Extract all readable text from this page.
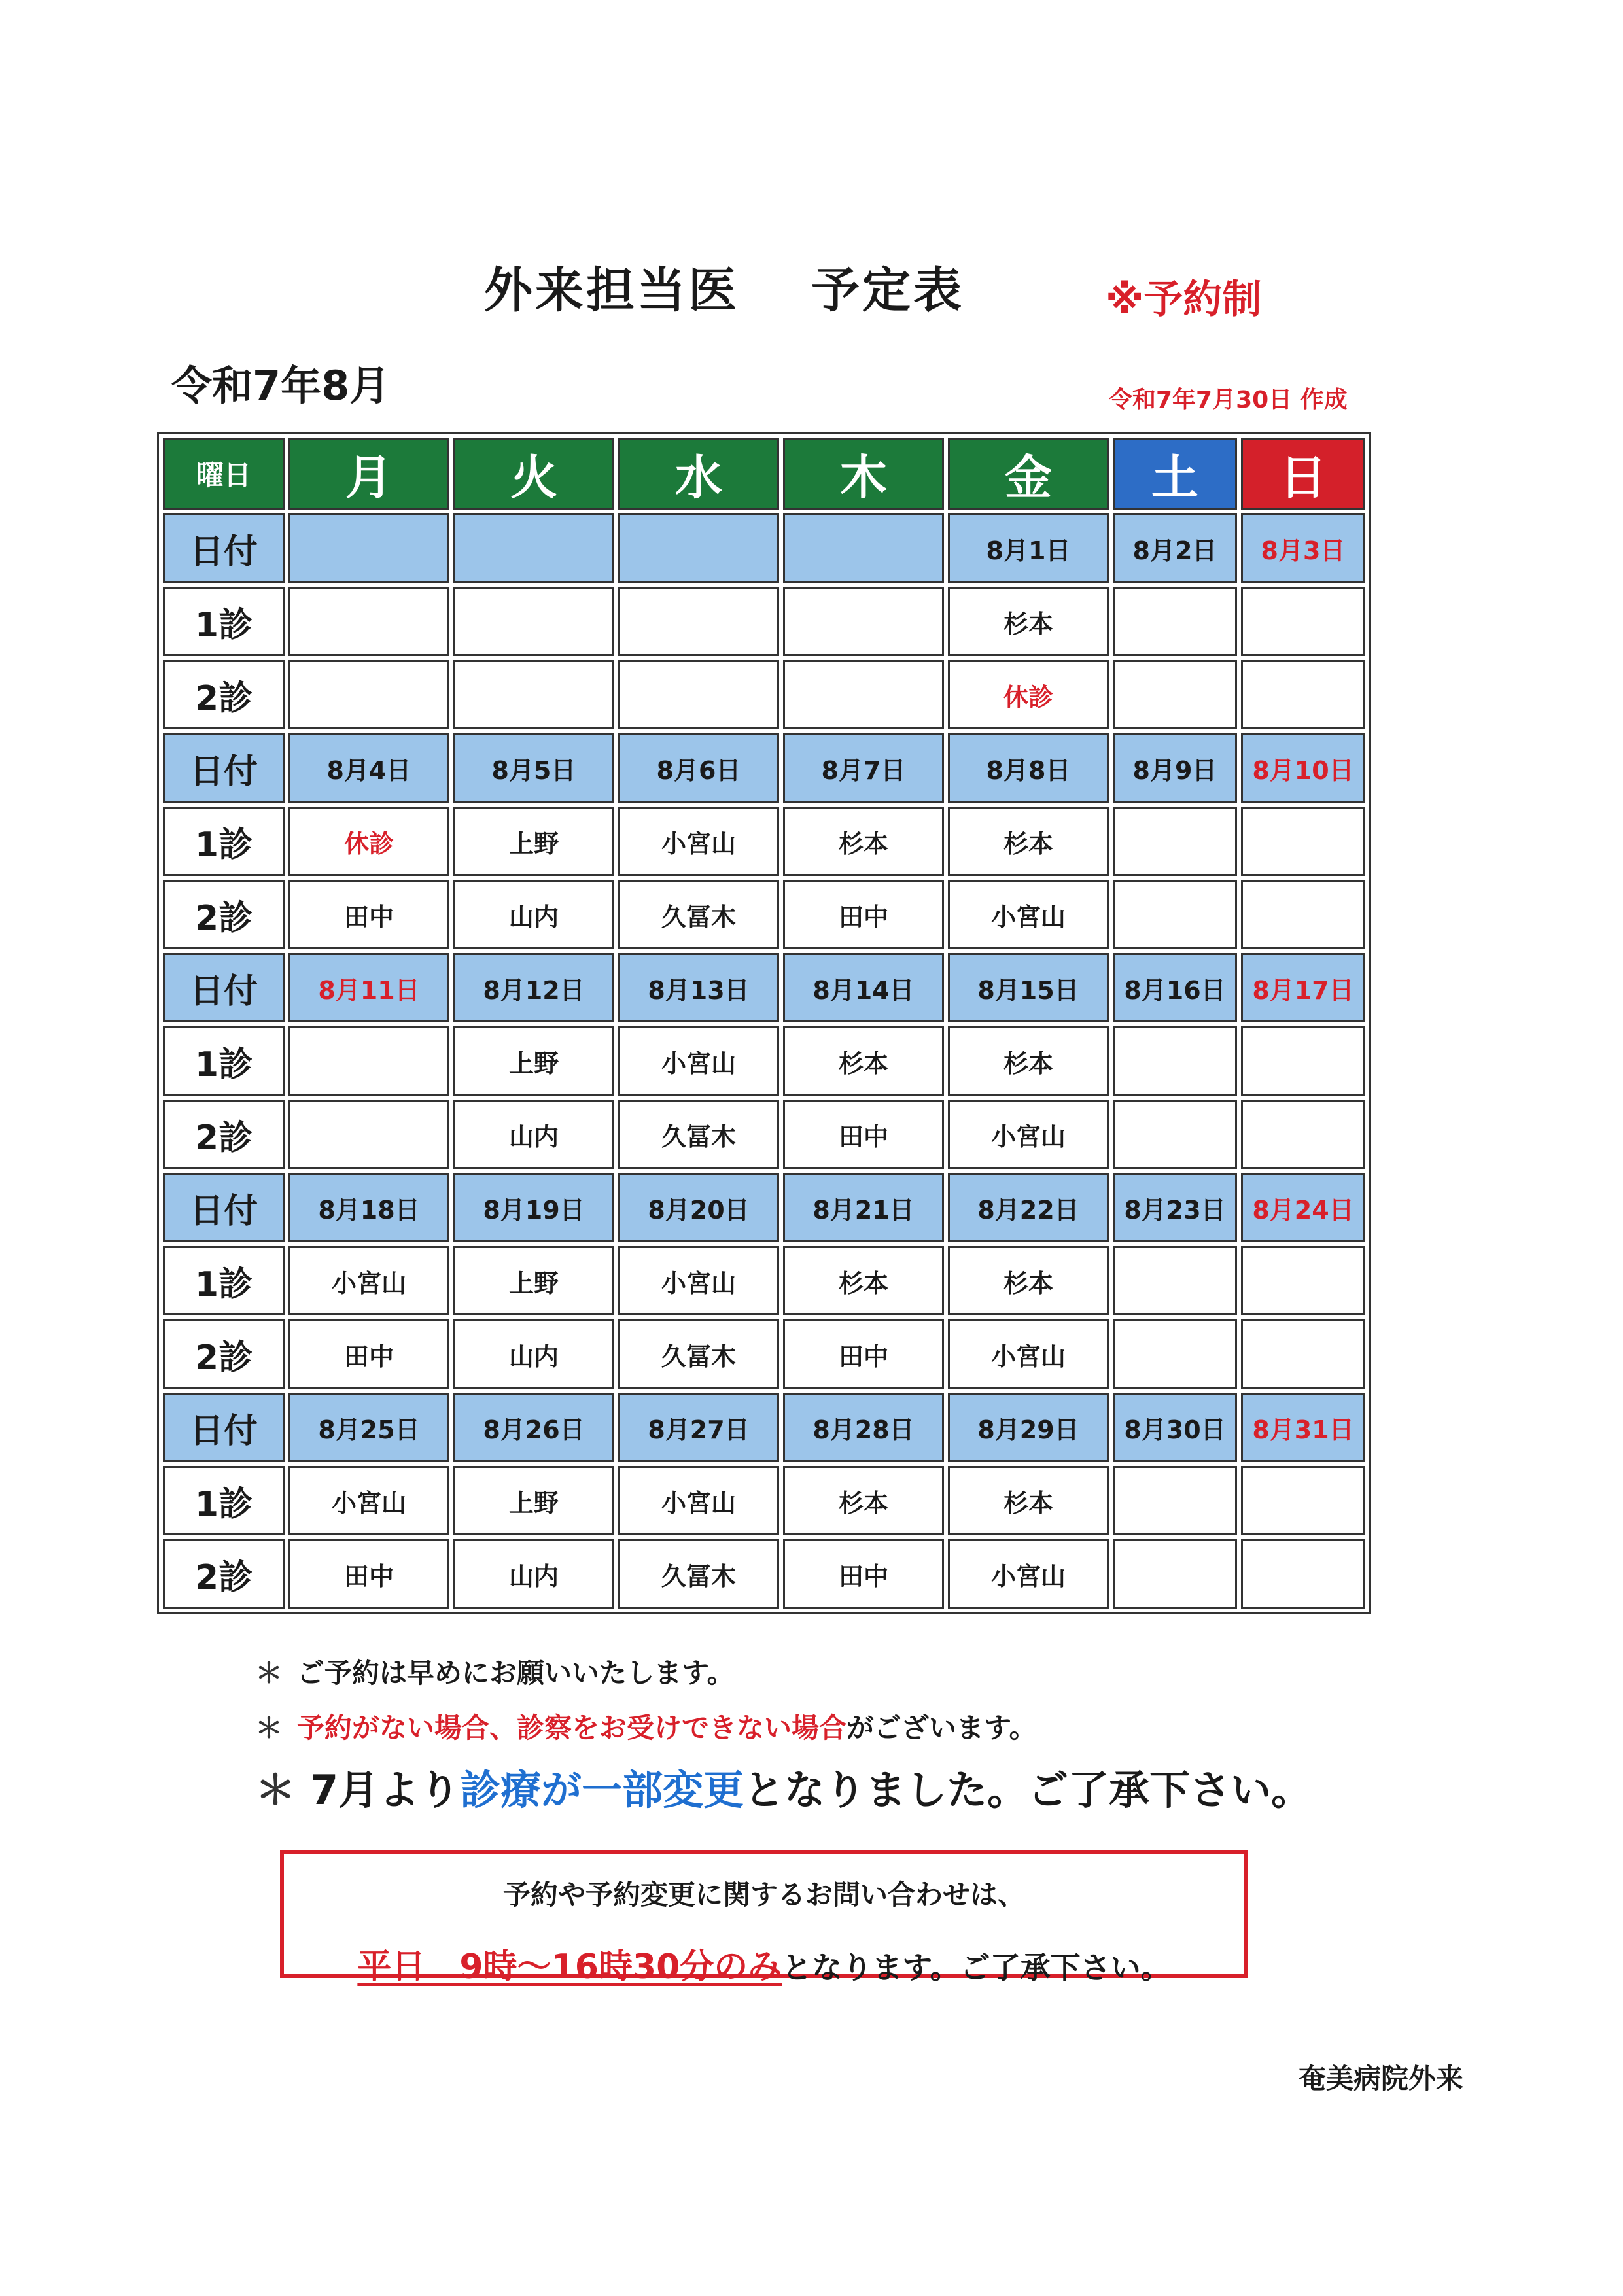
外来担当医 予定表	※予約制
令和7年8月	令和7年7月30日 作成
曜日	月	火	水	木	金	土	日
日付					8月1日	8月2日	8月3日
1診					杉本		
2診					休診		
日付	8月4日	8月5日	8月6日	8月7日	8月8日	8月9日	8月10日
1診	休診	上野	小宮山	杉本	杉本		
2診	田中	山内	久冨木	田中	小宮山		
日付	8月11日	8月12日	8月13日	8月14日	8月15日	8月16日	8月17日
1診		上野	小宮山	杉本	杉本		
2診		山内	久冨木	田中	小宮山		
日付	8月18日	8月19日	8月20日	8月21日	8月22日	8月23日	8月24日
1診	小宮山	上野	小宮山	杉本	杉本		
2診	田中	山内	久冨木	田中	小宮山		
日付	8月25日	8月26日	8月27日	8月28日	8月29日	8月30日	8月31日
1診	小宮山	上野	小宮山	杉本	杉本		
2診	田中	山内	久冨木	田中	小宮山		
＊ ご予約は早めにお願いいたします。
＊ 予約がない場合、診察をお受けできない場合がございます。
＊ 7月より診療が一部変更となりました。ご了承下さい。
予約や予約変更に関するお問い合わせは、
平日　9時～16時30分のみとなります。ご了承下さい。
奄美病院外来
